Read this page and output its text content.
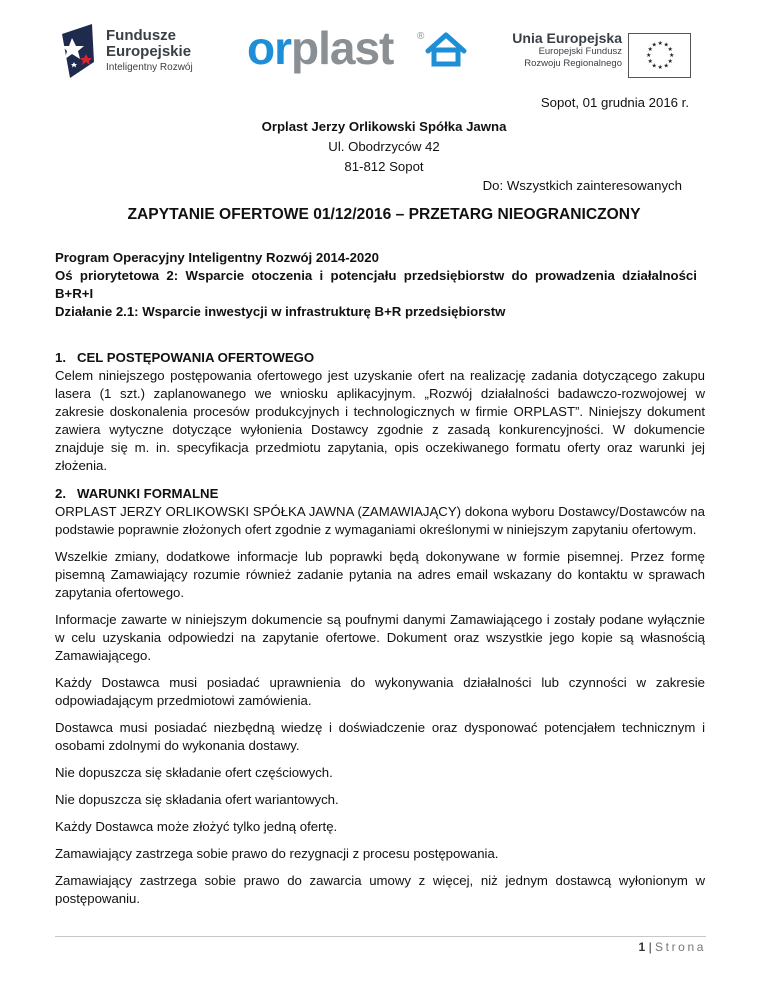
Fundusze
Europejskie
Inteligentny Rozwój orplast ®	Unia Europejska
Europejski Fundusz
Rozwoju Regionalnego
★ ★
★
★
★
★
★
★
★
★
★
★
Sopot, 01 grudnia 2016 r.
Orplast Jerzy Orlikowski Spółka Jawna
Ul. Obodrzyców 42
81-812 Sopot
Do: Wszystkich zainteresowanych
ZAPYTANIE OFERTOWE 01/12/2016 – PRZETARG NIEOGRANICZONY
Program Operacyjny Inteligentny Rozwój 2014-2020
Oś  priorytetowa  2:  Wsparcie  otoczenia  i  potencjału  przedsiębiorstw  do  prowadzenia  działalności
B+R+I
Działanie 2.1: Wsparcie inwestycji w infrastrukturę B+R przedsiębiorstw
1.   CEL POSTĘPOWANIA OFERTOWEGO

Celem niniejszego postępowania ofertowego jest uzyskanie ofert na realizację zadania dotyczącego zakupu lasera (1 szt.) zaplanowanego we wniosku aplikacyjnym. „Rozwój działalności badawczo-rozwojowej w zakresie doskonalenia procesów produkcyjnych i technologicznych w firmie ORPLAST”. Niniejszy dokument zawiera wytyczne dotyczące wyłonienia Dostawcy zgodnie z zasadą konkurencyjności. W dokumencie znajduje się m. in. specyfikacja przedmiotu zapytania, opis oczekiwanego formatu oferty oraz warunki jej złożenia.

2.   WARUNKI FORMALNE

ORPLAST JERZY ORLIKOWSKI SPÓŁKA JAWNA (ZAMAWIAJĄCY) dokona wyboru Dostawcy/Dostawców na podstawie poprawnie złożonych ofert zgodnie z wymaganiami określonymi w niniejszym zapytaniu ofertowym.

Wszelkie zmiany, dodatkowe informacje lub poprawki będą dokonywane w formie pisemnej. Przez formę pisemną Zamawiający rozumie również zadanie pytania na adres email wskazany do kontaktu w sprawach zapytania ofertowego.

Informacje zawarte w niniejszym dokumencie są poufnymi danymi Zamawiającego i zostały podane wyłącznie w celu uzyskania odpowiedzi na zapytanie ofertowe. Dokument oraz wszystkie jego kopie są własnością Zamawiającego.

Każdy Dostawca musi posiadać uprawnienia do wykonywania działalności lub czynności w zakresie odpowiadającym przedmiotowi zamówienia.

Dostawca musi posiadać niezbędną wiedzę i doświadczenie oraz dysponować potencjałem technicznym i osobami zdolnymi do wykonania dostawy.

Nie dopuszcza się składanie ofert częściowych.

Nie dopuszcza się składania ofert wariantowych.

Każdy Dostawca może złożyć tylko jedną ofertę.

Zamawiający zastrzega sobie prawo do rezygnacji z procesu postępowania.

Zamawiający zastrzega sobie prawo do zawarcia umowy z więcej, niż jednym dostawcą wyłonionym w postępowaniu.

1 | Strona
